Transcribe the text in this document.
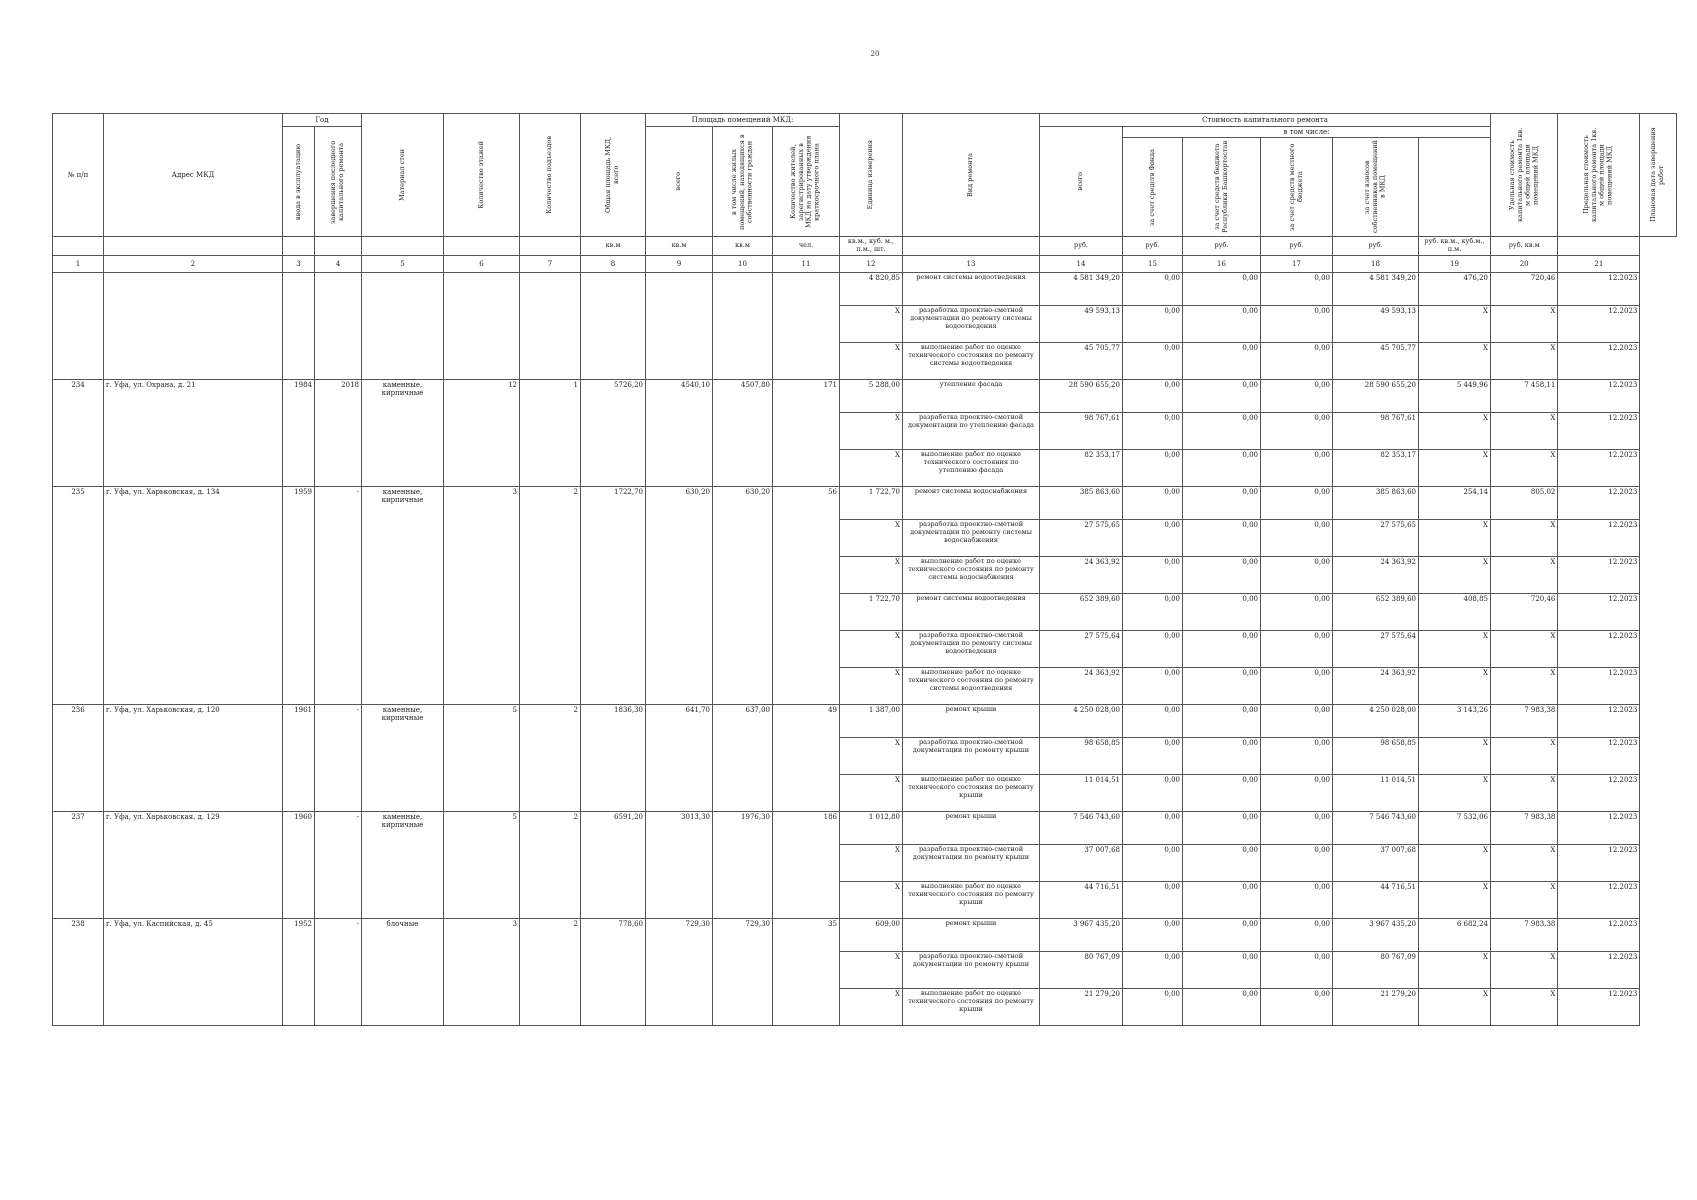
20
№ п/п	Адрес МКД	Год		Материал стен	Количество этажей	Количество подъездов	Общая площадь МКД, всего	Площадь помещений МКД:			Единица измерения	Вид ремонта	Стоимость капитального ремонта						Удельная стоимость капитального ремонта 1кв. м общей площади помещений МКД	Предельная стоимость капитального ремонта 1кв. м общей площади помещений МКД	Плановая дата завершения работ

		ввода в эксплуатацию	завершения последнего капитального ремонта					всего	в том числе жилых помещений, находящихся в собственности граждан	Количество жителей, зарегистрированных в МКД на дату утверждения краткосрочного плана			всего	в том числе:							

														за счет средств Фонда	за счет средств бюджета Республики Башкортостан	за счет средств местного бюджета	за счет взносов собственников помещений в МКД				

							кв.м	кв.м	кв.м	чел.	кв.м., куб. м., п.м., шт.		руб.	руб.	руб.	руб.	руб.	руб. кв.м., куб.м., п.м.	руб. кв.м		
1	2	3	4	5	6	7	8	9	10	11	12	13	14	15	16	17	18	19	20	21	
											4 820,85	ремонт системы водоотведения	4 581 349,20	0,00	0,00	0,00	4 581 349,20	476,20	720,46	12.2023	
											X	разработка проектно-сметной документации по ремонту системы водоотведения	49 593,13	0,00	0,00	0,00	49 593,13	X	X	12.2023	
											X	выполнение работ по оценке технического состояния по ремонту системы водоотведения	45 705,77	0,00	0,00	0,00	45 705,77	X	X	12.2023	
234	г. Уфа, ул. Охрана, д. 21	1984	2018	каменные, кирпичные	12	1	5726,20	4540,10	4507,80	171	5 288,00	утепление фасада	28 590 655,20	0,00	0,00	0,00	28 590 655,20	5 449,96	7 458,11	12.2023	
											X	разработка проектно-сметной документации по утеплению фасада	98 767,61	0,00	0,00	0,00	98 767,61	X	X	12.2023	
											X	выполнение работ по оценке технического состояния по утеплению фасада	82 353,17	0,00	0,00	0,00	82 353,17	X	X	12.2023	
235	г. Уфа, ул. Харьковская, д. 134	1959	-	каменные, кирпичные	3	2	1722,70	630,20	630,20	56	1 722,70	ремонт системы водоснабжения	385 863,60	0,00	0,00	0,00	385 863,60	254,14	805,02	12.2023	
											X	разработка проектно-сметной документации по ремонту системы водоснабжения	27 575,65	0,00	0,00	0,00	27 575,65	X	X	12.2023	
											X	выполнение работ по оценке технического состояния по ремонту системы водоснабжения	24 363,92	0,00	0,00	0,00	24 363,92	X	X	12.2023	
											1 722,70	ремонт системы водоотведения	652 389,60	0,00	0,00	0,00	652 389,60	408,85	720,46	12.2023	
											X	разработка проектно-сметной документации по ремонту системы водоотведения	27 575,64	0,00	0,00	0,00	27 575,64	X	X	12.2023	
											X	выполнение работ по оценке технического состояния по ремонту системы водоотведения	24 363,92	0,00	0,00	0,00	24 363,92	X	X	12.2023	
236	г. Уфа, ул. Харьковская, д. 120	1961	-	каменные, кирпичные	5	2	1836,30	641,70	637,00	49	1 387,00	ремонт крыши	4 250 028,00	0,00	0,00	0,00	4 250 028,00	3 143,26	7 983,38	12.2023	
											X	разработка проектно-сметной документации по ремонту крыши	98 658,85	0,00	0,00	0,00	98 658,85	X	X	12.2023	
											X	выполнение работ по оценке технического состояния по ремонту крыши	11 014,51	0,00	0,00	0,00	11 014,51	X	X	12.2023	
237	г. Уфа, ул. Харьковская, д. 129	1960	-	каменные, кирпичные	5	2	6591,20	3013,30	1976,30	186	1 012,80	ремонт крыши	7 546 743,60	0,00	0,00	0,00	7 546 743,60	7 532,06	7 983,38	12.2023	
											X	разработка проектно-сметной документации по ремонту крыши	37 007,68	0,00	0,00	0,00	37 007,68	X	X	12.2023	
											X	выполнение работ по оценке технического состояния по ремонту крыши	44 716,51	0,00	0,00	0,00	44 716,51	X	X	12.2023	
238	г. Уфа, ул. Каспийская, д. 45	1952	-	блочные	3	2	778,60	729,30	729,30	35	609,00	ремонт крыши	3 967 435,20	0,00	0,00	0,00	3 967 435,20	6 682,24	7 983,38	12.2023	
											X	разработка проектно-сметной документации по ремонту крыши	80 767,09	0,00	0,00	0,00	80 767,09	X	X	12.2023	
											X	выполнение работ по оценке технического состояния по ремонту крыши	21 279,20	0,00	0,00	0,00	21 279,20	X	X	12.2023	
